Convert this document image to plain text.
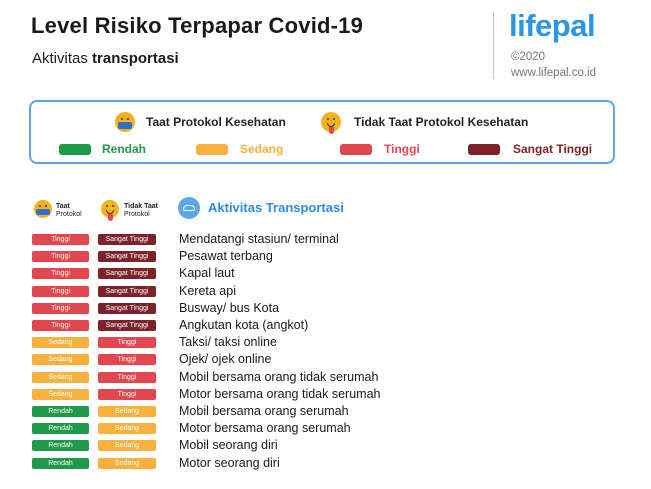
Level Risiko Terpapar Covid-19
Aktivitas transportasi
lifepal
©2020
www.lifepal.co.id
Taat Protokol Kesehatan	Tidak Taat Protokol Kesehatan
Rendah	Sedang	Tinggi	Sangat Tinggi
Taat
Protokol
Tidak Taat
Protokol	Aktivitas Transportasi
Tinggi	Sangat Tinggi	Mendatangi stasiun/ terminal
Tinggi	Sangat Tinggi	Pesawat terbang
Tinggi	Sangat Tinggi	Kapal laut
Tinggi	Sangat Tinggi	Kereta api
Tinggi	Sangat Tinggi	Busway/ bus Kota
Tinggi	Sangat Tinggi	Angkutan kota (angkot)
Sedang	Tinggi	Taksi/ taksi online
Sedang	Tinggi	Ojek/ ojek online
Sedang	Tinggi	Mobil bersama orang tidak serumah
Sedang	Tinggi	Motor bersama orang tidak serumah
Rendah	Sedang	Mobil bersama orang serumah
Rendah	Sedang	Motor bersama orang serumah
Rendah	Sedang	Mobil seorang diri
Rendah	Sedang	Motor seorang diri
